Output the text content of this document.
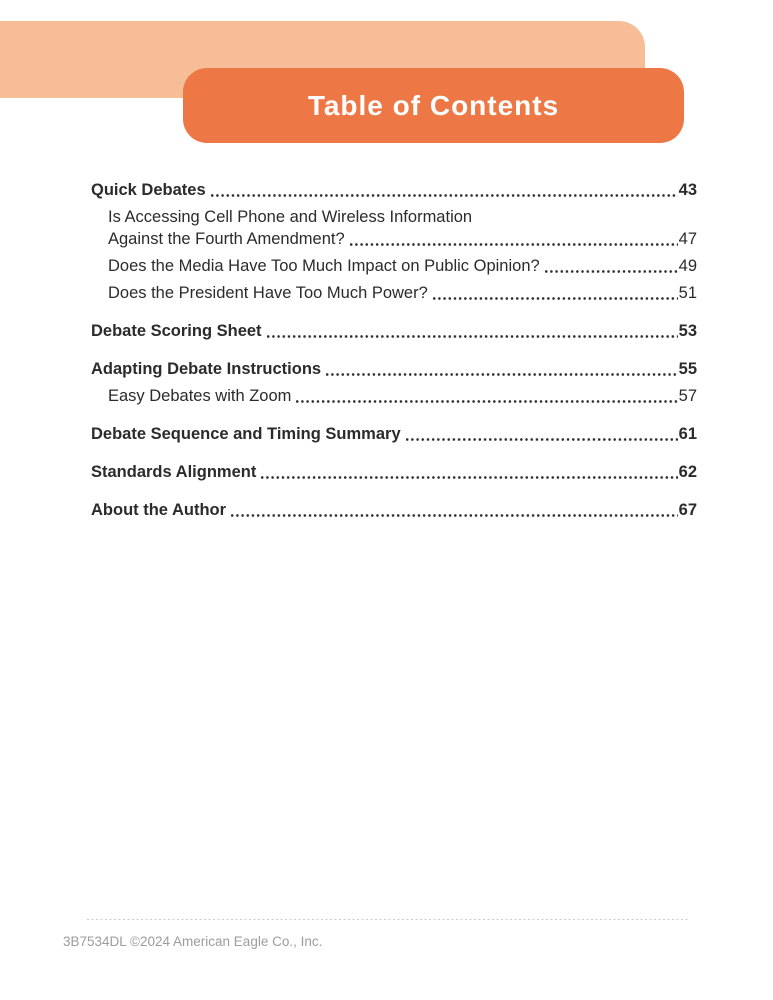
Table of Contents
Quick Debates	43
Is Accessing Cell Phone and Wireless Information
Against the Fourth Amendment?	47
Does the Media Have Too Much Impact on Public Opinion?	49
Does the President Have Too Much Power?	51
Debate Scoring Sheet	53
Adapting Debate Instructions	55
Easy Debates with Zoom	57
Debate Sequence and Timing Summary	61
Standards Alignment	62
About the Author	67
3B7534DL ©2024 American Eagle Co., Inc.
